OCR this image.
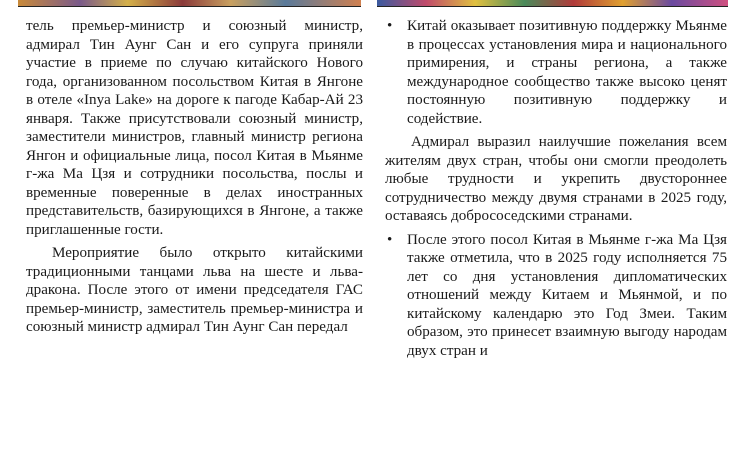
тель премьер-министр и союзный министр, адмирал Тин Аунг Сан и его супруга приняли участие в приеме по случаю китайского Нового года, организованном посольством Китая в Янгоне в отеле «Inya Lake» на дороге к пагоде Кабар-Ай 23 января. Также присутствовали союзный министр, заместители министров, главный министр региона Янгон и официальные лица, посол Китая в Мьянме г-жа Ма Цзя и сотрудники посольства, послы и временные поверенные в делах иностранных представительств, базирующихся в Янгоне, а также приглашенные гости.

Мероприятие было открыто китайскими традиционными танцами льва на шесте и льва-дракона. После этого от имени председателя ГАС премьер-министр, заместитель премьер-министра и союзный министр адмирал Тин Аунг Сан передал

• Китай оказывает позитивную поддержку Мьянме в процессах установления мира и национального примирения, и страны региона, а также международное сообщество также высоко ценят постоянную позитивную поддержку и содействие.

Адмирал выразил наилучшие пожелания всем жителям двух стран, чтобы они смогли преодолеть любые трудности и укрепить двустороннее сотрудничество между двумя странами в 2025 году, оставаясь добрососедскими странами.

• После этого посол Китая в Мьянме г-жа Ма Цзя также отметила, что в 2025 году исполняется 75 лет со дня установления дипломатических отношений между Китаем и Мьянмой, и по китайскому календарю это Год Змеи. Таким образом, это принесет взаимную выгоду народам двух стран и
